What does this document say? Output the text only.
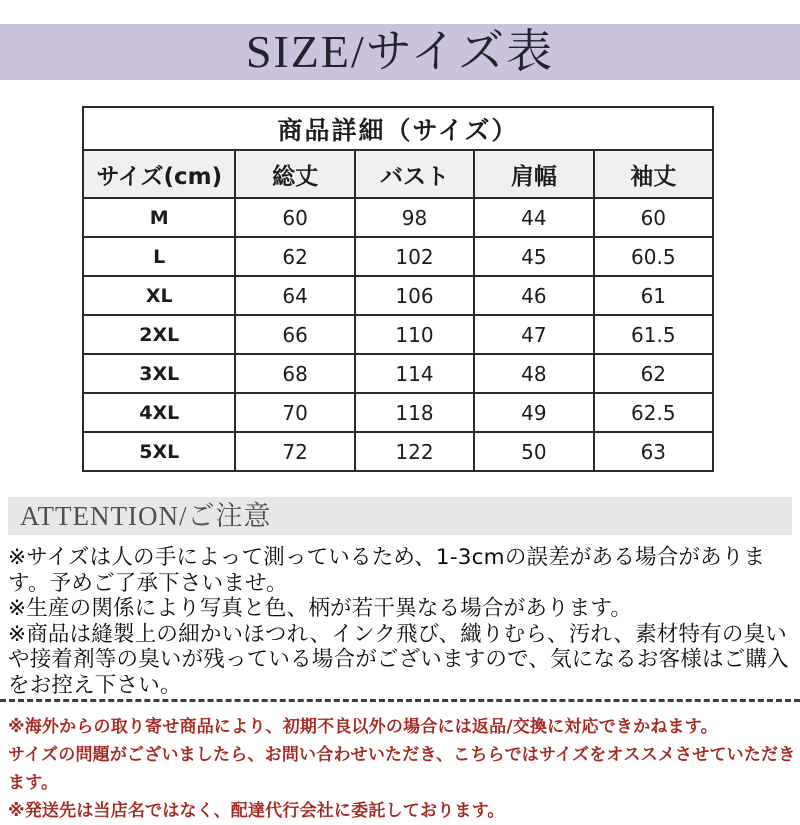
SIZE/サイズ表
商品詳細（サイズ）				
サイズ(cm)	総丈	バスト	肩幅	袖丈
M	60	98	44	60
L	62	102	45	60.5
XL	64	106	46	61
2XL	66	110	47	61.5
3XL	68	114	48	62
4XL	70	118	49	62.5
5XL	72	122	50	63
ATTENTION/ご注意

※サイズは人の手によって測っているため、1-3cmの誤差がある場合があります。予めご了承下さいませ。

※生産の関係により写真と色、柄が若干異なる場合があります。

※商品は縫製上の細かいほつれ、インク飛び、織りむら、汚れ、素材特有の臭いや接着剤等の臭いが残っている場合がございますので、気になるお客様はご購入をお控え下さい。

※海外からの取り寄せ商品により、初期不良以外の場合には返品/交換に対応できかねます。

サイズの問題がございましたら、お問い合わせいただき、こちらではサイズをオススメさせていただきます。

※発送先は当店名ではなく、配達代行会社に委託しております。
